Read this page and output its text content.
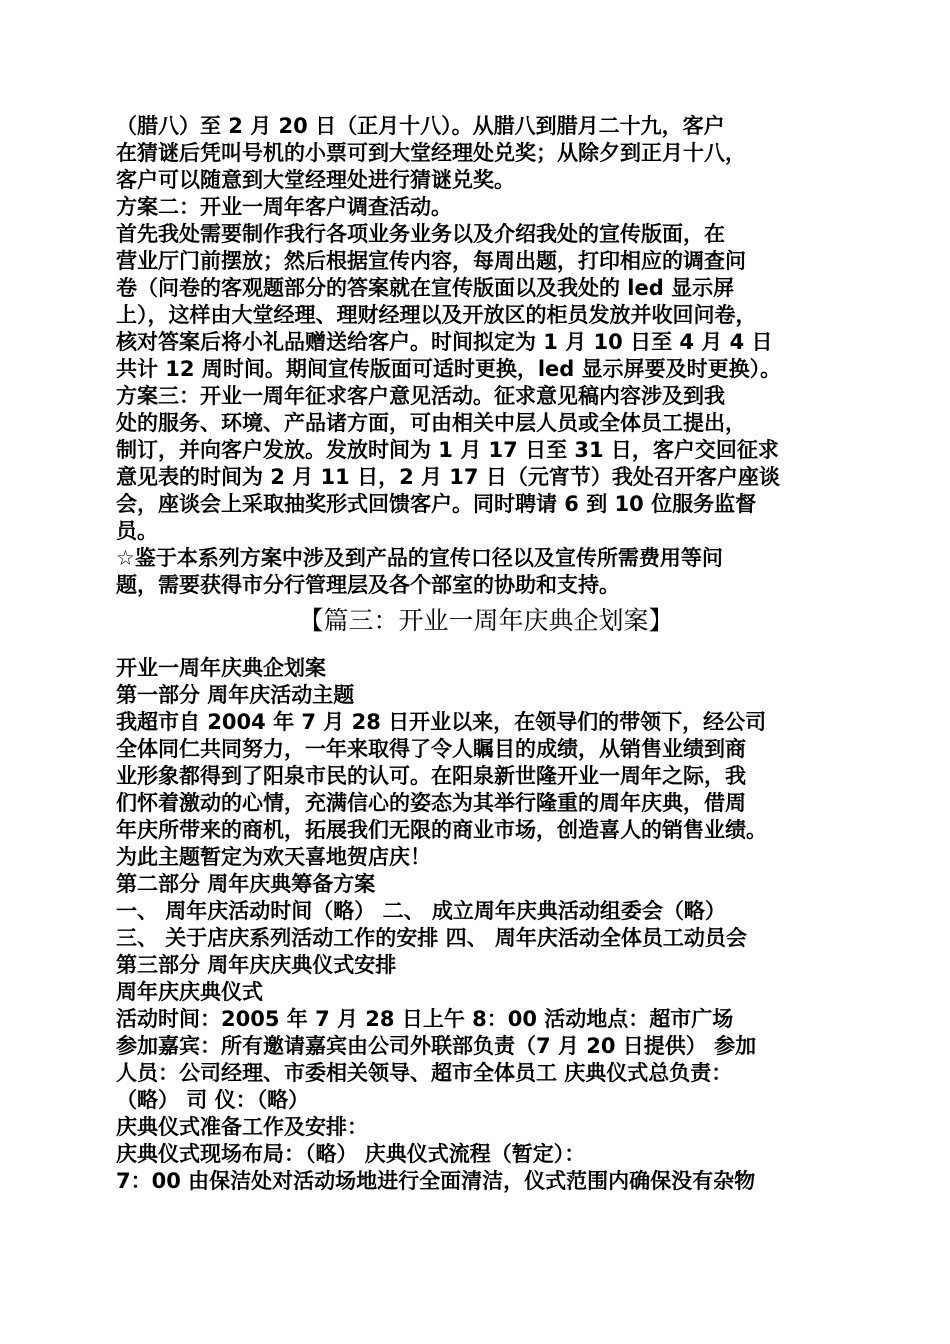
（腊八）至 2 月 20 日（正月十八）。从腊八到腊月二十九，客户
在猜谜后凭叫号机的小票可到大堂经理处兑奖；从除夕到正月十八，
客户可以随意到大堂经理处进行猜谜兑奖。
方案二：开业一周年客户调查活动。
首先我处需要制作我行各项业务业务以及介绍我处的宣传版面，在
营业厅门前摆放；然后根据宣传内容，每周出题，打印相应的调查问
卷（问卷的客观题部分的答案就在宣传版面以及我处的 led 显示屏
上），这样由大堂经理、理财经理以及开放区的柜员发放并收回问卷，
核对答案后将小礼品赠送给客户。时间拟定为 1 月 10 日至 4 月 4 日
共计 12 周时间。期间宣传版面可适时更换，led 显示屏要及时更换）。
方案三：开业一周年征求客户意见活动。征求意见稿内容涉及到我
处的服务、环境、产品诸方面，可由相关中层人员或全体员工提出，
制订，并向客户发放。发放时间为 1 月 17 日至 31 日，客户交回征求
意见表的时间为 2 月 11 日，2 月 17 日（元宵节）我处召开客户座谈
会，座谈会上采取抽奖形式回馈客户。同时聘请 6 到 10 位服务监督
员。
☆鉴于本系列方案中涉及到产品的宣传口径以及宣传所需费用等问
题，需要获得市分行管理层及各个部室的协助和支持。
【篇三：开业一周年庆典企划案】
开业一周年庆典企划案
第一部分 周年庆活动主题
我超市自 2004 年 7 月 28 日开业以来，在领导们的带领下，经公司
全体同仁共同努力，一年来取得了令人瞩目的成绩，从销售业绩到商
业形象都得到了阳泉市民的认可。在阳泉新世隆开业一周年之际，我
们怀着激动的心情，充满信心的姿态为其举行隆重的周年庆典，借周
年庆所带来的商机，拓展我们无限的商业市场，创造喜人的销售业绩。
为此主题暂定为欢天喜地贺店庆！
第二部分 周年庆典筹备方案
一、 周年庆活动时间（略） 二、 成立周年庆典活动组委会（略）
三、 关于店庆系列活动工作的安排 四、 周年庆活动全体员工动员会
第三部分 周年庆庆典仪式安排
周年庆庆典仪式
活动时间：2005 年 7 月 28 日上午 8：00 活动地点：超市广场
参加嘉宾：所有邀请嘉宾由公司外联部负责（7 月 20 日提供） 参加
人员：公司经理、市委相关领导、超市全体员工 庆典仪式总负责：
（略） 司 仪：（略）
庆典仪式准备工作及安排：
庆典仪式现场布局：（略） 庆典仪式流程（暂定）：
7：00 由保洁处对活动场地进行全面清洁，仪式范围内确保没有杂物
